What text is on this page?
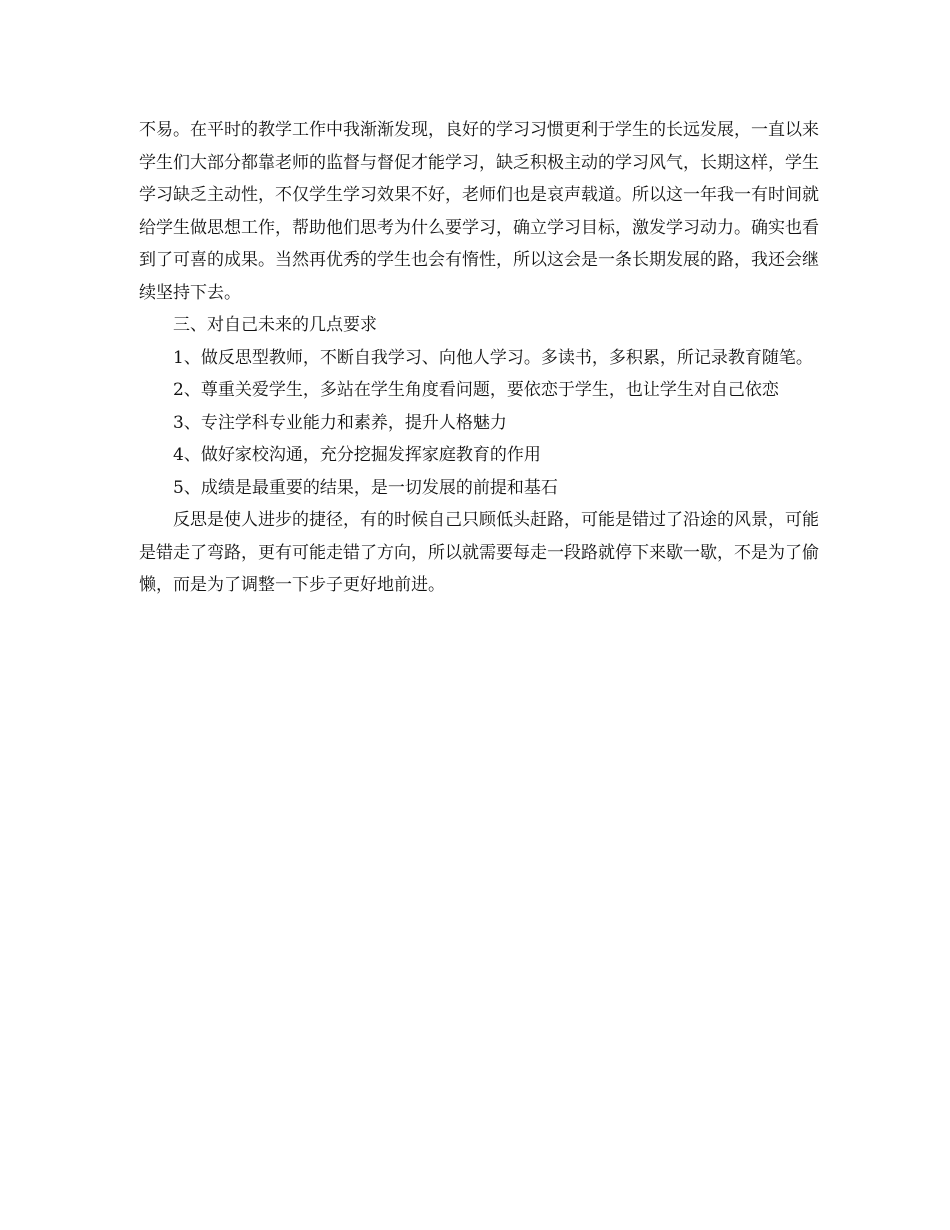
不易。在平时的教学工作中我渐渐发现，良好的学习习惯更利于学生的长远发展，一直以来学生们大部分都靠老师的监督与督促才能学习，缺乏积极主动的学习风气，长期这样，学生学习缺乏主动性，不仅学生学习效果不好，老师们也是哀声载道。所以这一年我一有时间就给学生做思想工作，帮助他们思考为什么要学习，确立学习目标，激发学习动力。确实也看到了可喜的成果。当然再优秀的学生也会有惰性，所以这会是一条长期发展的路，我还会继续坚持下去。

三、对自己未来的几点要求

1、做反思型教师，不断自我学习、向他人学习。多读书，多积累，所记录教育随笔。

2、尊重关爱学生，多站在学生角度看问题，要依恋于学生，也让学生对自己依恋

3、专注学科专业能力和素养，提升人格魅力

4、做好家校沟通，充分挖掘发挥家庭教育的作用

5、成绩是最重要的结果，是一切发展的前提和基石

反思是使人进步的捷径，有的时候自己只顾低头赶路，可能是错过了沿途的风景，可能是错走了弯路，更有可能走错了方向，所以就需要每走一段路就停下来歇一歇，不是为了偷懒，而是为了调整一下步子更好地前进。
